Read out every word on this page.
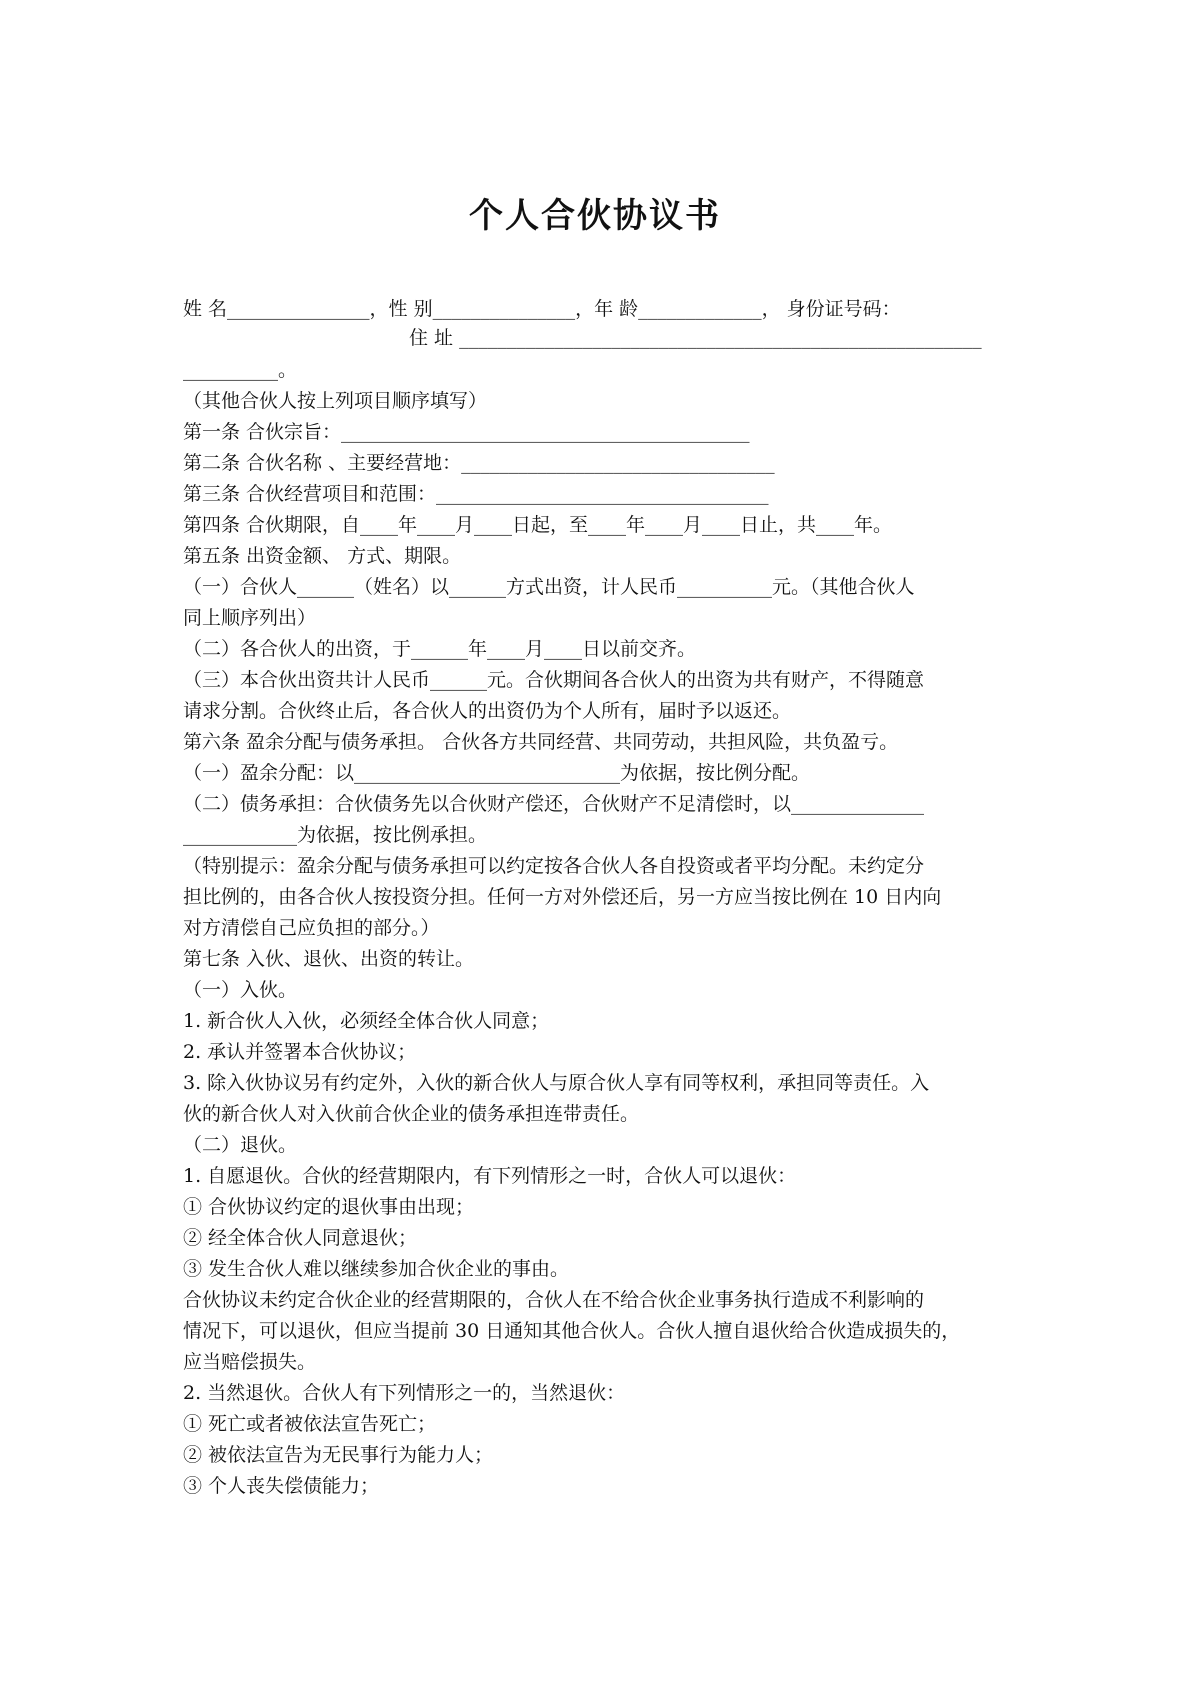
个人合伙协议书

姓 名_______________，性 别_______________，年 龄_____________， 身份证号码：

住 址 _______________________________________________________

__________。

（其他合伙人按上列项目顺序填写）

第一条 合伙宗旨：___________________________________________

第二条 合伙名称 、主要经营地：_________________________________

第三条 合伙经营项目和范围：___________________________________

第四条 合伙期限，自____年____月____日起，至____年____月____日止，共____年。

第五条 出资金额、 方式、期限。

（一）合伙人______（姓名）以______方式出资，计人民币__________元。（其他合伙人

同上顺序列出）

（二）各合伙人的出资，于______年____月____日以前交齐。

（三）本合伙出资共计人民币______元。合伙期间各合伙人的出资为共有财产，不得随意

请求分割。合伙终止后，各合伙人的出资仍为个人所有，届时予以返还。

第六条 盈余分配与债务承担。 合伙各方共同经营、共同劳动，共担风险，共负盈亏。

（一）盈余分配：以____________________________为依据，按比例分配。

（二）债务承担：合伙债务先以合伙财产偿还，合伙财产不足清偿时，以______________

____________为依据，按比例承担。

（特别提示：盈余分配与债务承担可以约定按各合伙人各自投资或者平均分配。未约定分

担比例的，由各合伙人按投资分担。任何一方对外偿还后，另一方应当按比例在 10 日内向

对方清偿自己应负担的部分。）

第七条 入伙、退伙、出资的转让。

（一）入伙。

1. 新合伙人入伙，必须经全体合伙人同意；

2. 承认并签署本合伙协议；

3. 除入伙协议另有约定外，入伙的新合伙人与原合伙人享有同等权利，承担同等责任。入

伙的新合伙人对入伙前合伙企业的债务承担连带责任。

（二）退伙。

1. 自愿退伙。合伙的经营期限内，有下列情形之一时，合伙人可以退伙：

① 合伙协议约定的退伙事由出现；

② 经全体合伙人同意退伙；

③ 发生合伙人难以继续参加合伙企业的事由。

合伙协议未约定合伙企业的经营期限的，合伙人在不给合伙企业事务执行造成不利影响的

情况下，可以退伙，但应当提前 30 日通知其他合伙人。合伙人擅自退伙给合伙造成损失的，

应当赔偿损失。

2. 当然退伙。合伙人有下列情形之一的，当然退伙：

① 死亡或者被依法宣告死亡；

② 被依法宣告为无民事行为能力人；

③ 个人丧失偿债能力；
